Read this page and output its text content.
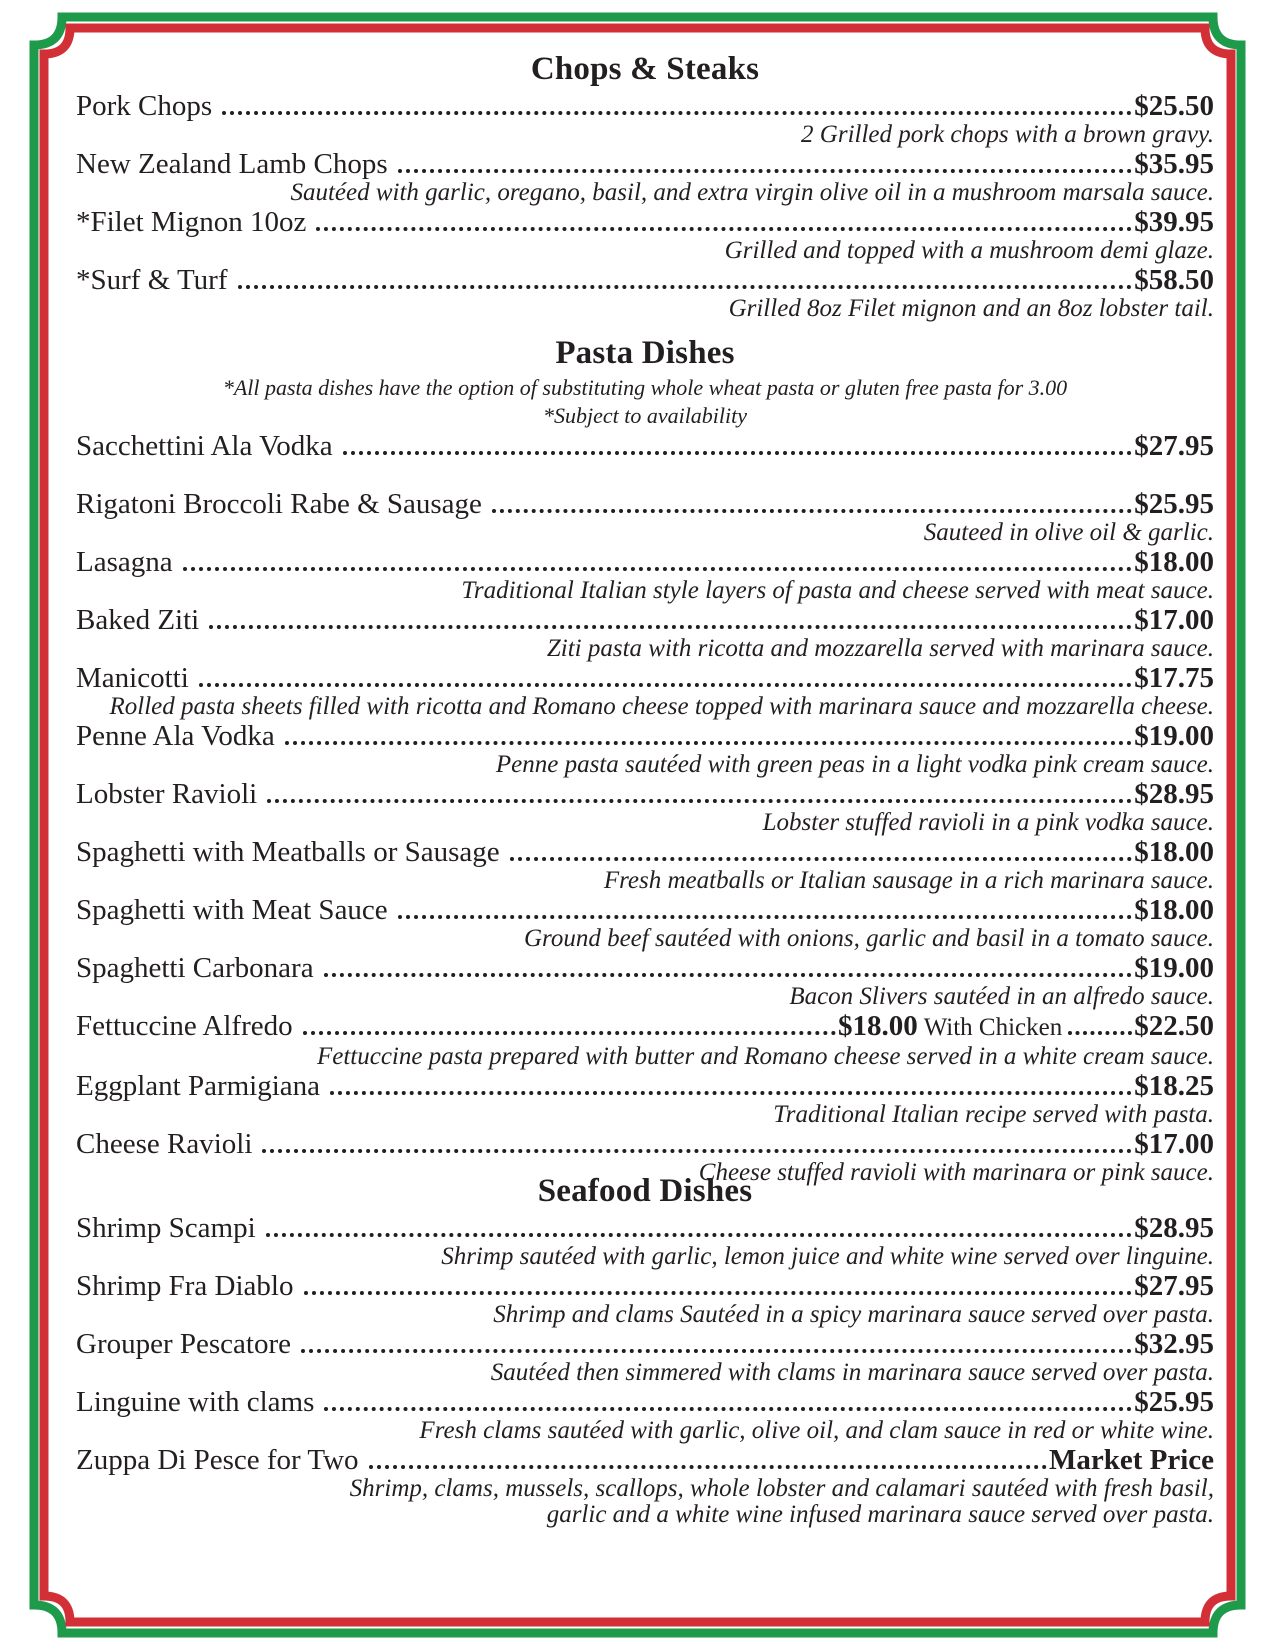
Chops & Steaks
Pork Chops	$25.50
2 Grilled pork chops with a brown gravy.
New Zealand Lamb Chops	$35.95
Sautéed with garlic, oregano, basil, and extra virgin olive oil in a mushroom marsala sauce.
*Filet Mignon 10oz	$39.95
Grilled and topped with a mushroom demi glaze.
*Surf & Turf	$58.50
Grilled 8oz Filet mignon and an 8oz lobster tail.
Pasta Dishes
*All pasta dishes have the option of substituting whole wheat pasta or gluten free pasta for 3.00
*Subject to availability
Sacchettini Ala Vodka	$27.95

Rigatoni Broccoli Rabe & Sausage	$25.95
Sauteed in olive oil & garlic.
Lasagna	$18.00
Traditional Italian style layers of pasta and cheese served with meat sauce.
Baked Ziti	$17.00
Ziti pasta with ricotta and mozzarella served with marinara sauce.
Manicotti	$17.75
Rolled pasta sheets filled with ricotta and Romano cheese topped with marinara sauce and mozzarella cheese.
Penne Ala Vodka	$19.00
Penne pasta sautéed with green peas in a light vodka pink cream sauce.
Lobster Ravioli	$28.95
Lobster stuffed ravioli in a pink vodka sauce.
Spaghetti with Meatballs or Sausage	$18.00
Fresh meatballs or Italian sausage in a rich marinara sauce.
Spaghetti with Meat Sauce	$18.00
Ground beef sautéed with onions, garlic and basil in a tomato sauce.
Spaghetti Carbonara	$19.00
Bacon Slivers sautéed in an alfredo sauce.
Fettuccine Alfredo	$18.00 With Chicken $22.50
Fettuccine pasta prepared with butter and Romano cheese served in a white cream sauce.
Eggplant Parmigiana	$18.25
Traditional Italian recipe served with pasta.
Cheese Ravioli	$17.00
Cheese stuffed ravioli with marinara or pink sauce.
Seafood Dishes
Shrimp Scampi	$28.95
Shrimp sautéed with garlic, lemon juice and white wine served over linguine.
Shrimp Fra Diablo	$27.95
Shrimp and clams Sautéed in a spicy marinara sauce served over pasta.
Grouper Pescatore	$32.95
Sautéed then simmered with clams in marinara sauce served over pasta.
Linguine with clams	$25.95
Fresh clams sautéed with garlic, olive oil, and clam sauce in red or white wine.
Zuppa Di Pesce for Two	Market Price
Shrimp, clams, mussels, scallops, whole lobster and calamari sautéed with fresh basil, garlic and a white wine infused marinara sauce served over pasta.
